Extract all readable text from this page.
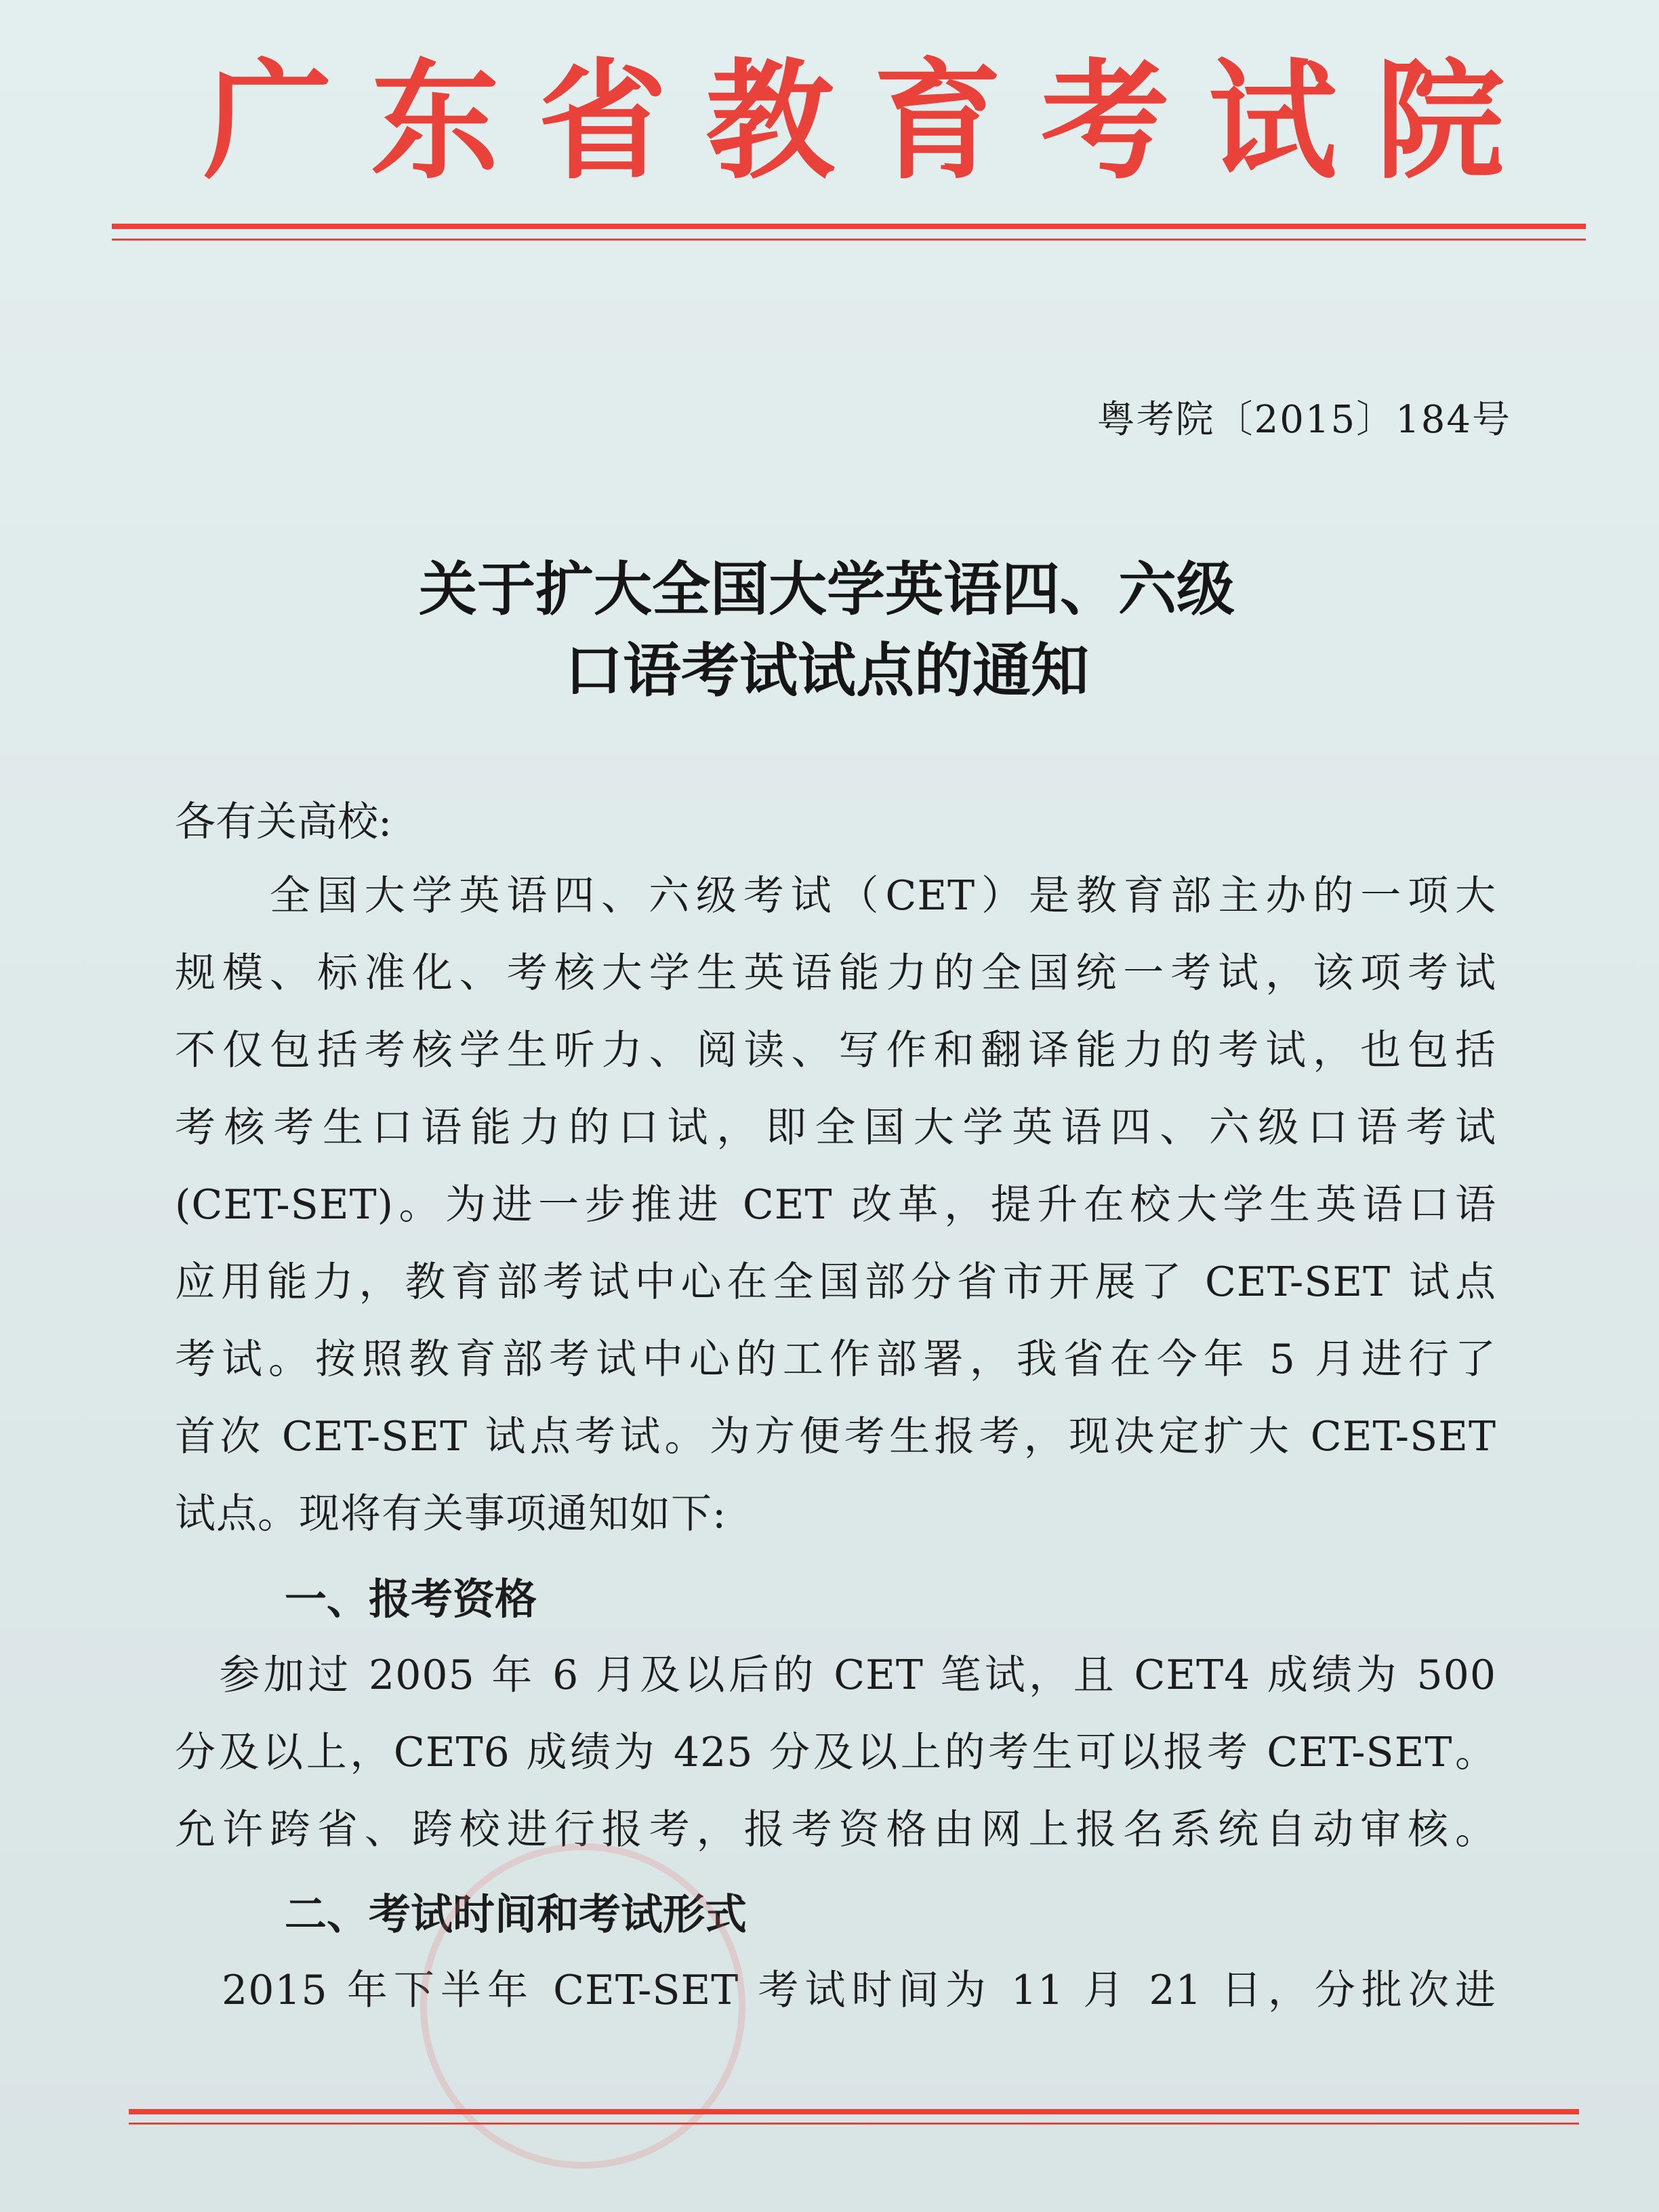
广 东 省 教 育 考 试 院
粤考院〔2015〕184号
关于扩大全国大学英语四、六级
口语考试试点的通知
各有关高校:
　　全国大学英语四、六级考试（CET）是教育部主办的一项大
规模、标准化、考核大学生英语能力的全国统一考试，该项考试
不仅包括考核学生听力、阅读、写作和翻译能力的考试，也包括
考核考生口语能力的口试，即全国大学英语四、六级口语考试
(CET-SET)。为进一步推进 CET 改革，提升在校大学生英语口语
应用能力，教育部考试中心在全国部分省市开展了 CET-SET 试点
考试。按照教育部考试中心的工作部署，我省在今年 5 月进行了
首次 CET-SET 试点考试。为方便考生报考，现决定扩大 CET-SET
试点。现将有关事项通知如下:
一、报考资格
　参加过 2005 年 6 月及以后的 CET 笔试，且 CET4 成绩为 500
分及以上，CET6 成绩为 425 分及以上的考生可以报考 CET-SET。
允许跨省、跨校进行报考，报考资格由网上报名系统自动审核。
二、考试时间和考试形式
　2015 年下半年 CET-SET 考试时间为 11 月 21 日，分批次进
